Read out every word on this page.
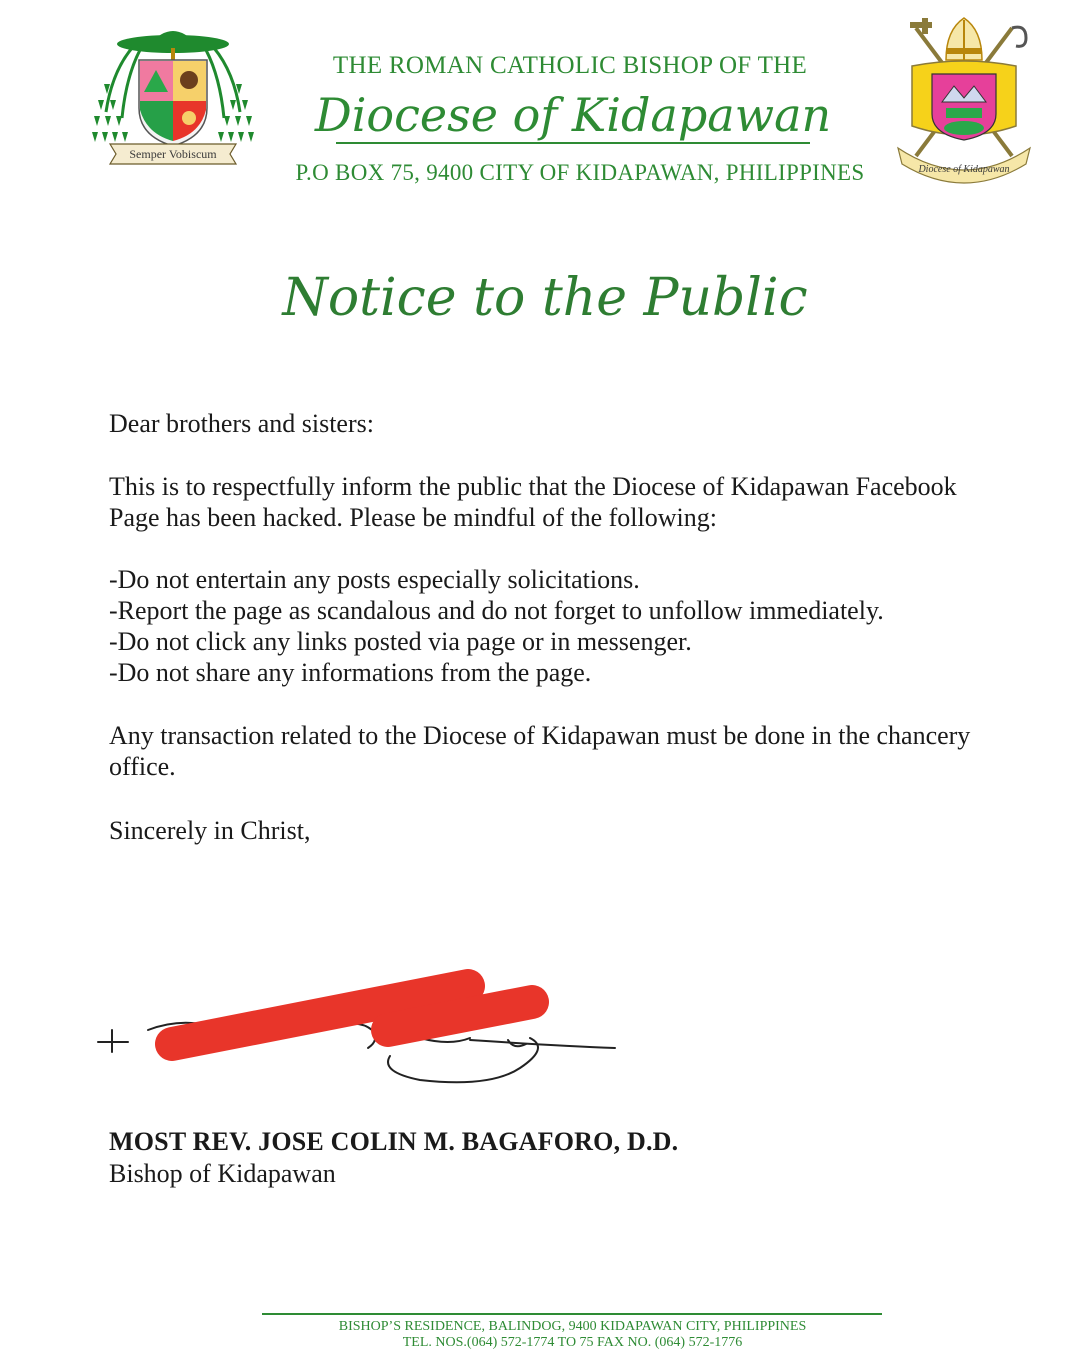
Semper Vobiscum
THE ROMAN CATHOLIC BISHOP OF THE
Diocese of Kidapawan
P.O BOX 75, 9400 CITY OF KIDAPAWAN, PHILIPPINES	Diocese of Kidapawan
Notice to the Public
Dear brothers and sisters:
This is to respectfully inform the public that the Diocese of Kidapawan Facebook Page has been hacked. Please be mindful of the following:
-Do not entertain any posts especially solicitations.
-Report the page as scandalous and do not forget to unfollow immediately.
-Do not click any links posted via page or in messenger.
-Do not share any informations from the page.
Any transaction related to the Diocese of Kidapawan must be done in the chancery office.
Sincerely in Christ,
MOST REV. JOSE COLIN M. BAGAFORO, D.D.
Bishop of Kidapawan
BISHOP’S RESIDENCE, BALINDOG, 9400 KIDAPAWAN CITY, PHILIPPINES
TEL. NOS.(064) 572-1774 TO 75 FAX NO. (064) 572-1776
